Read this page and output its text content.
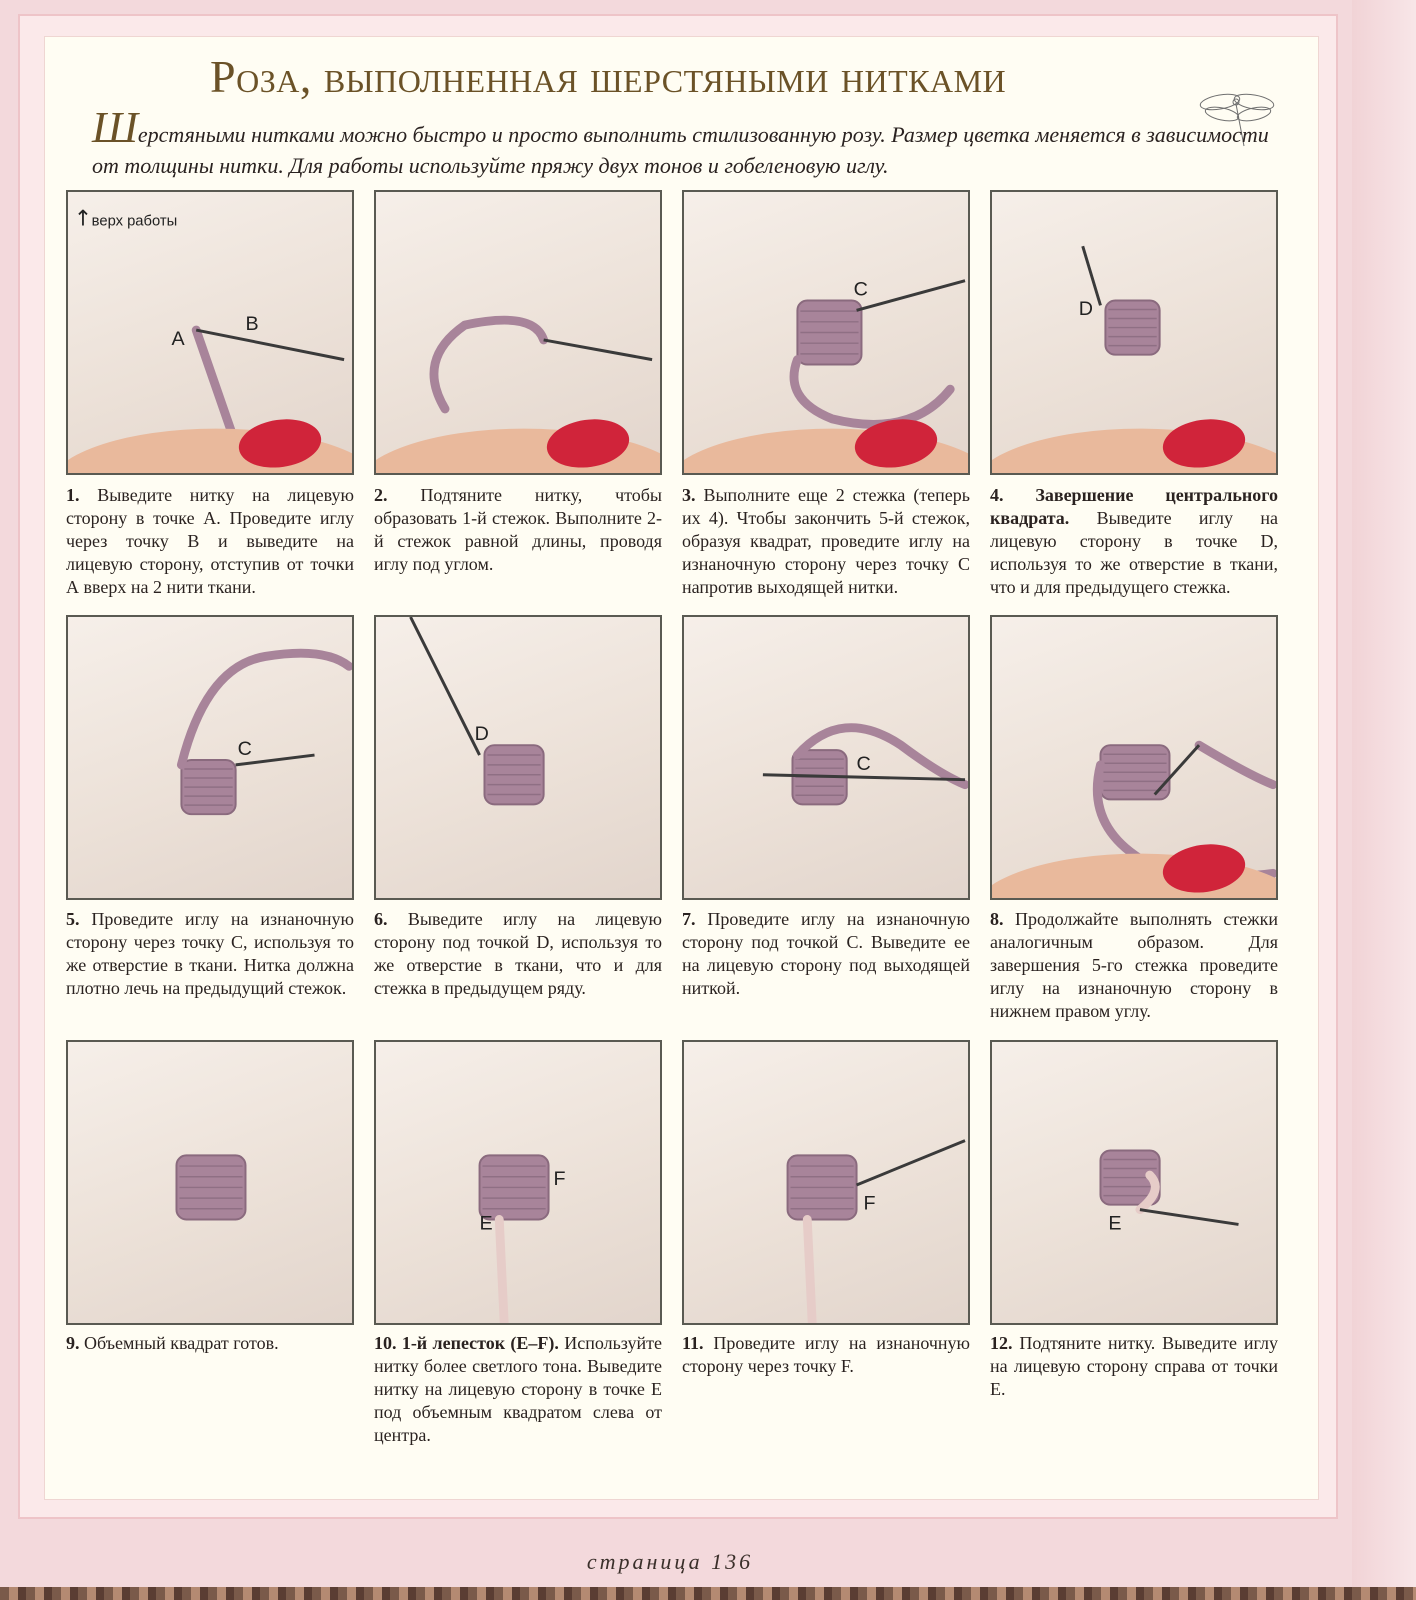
Роза, выполненная шерстяными нитками
Шерстяными нитками можно быстро и просто выполнить стилизованную розу. Размер цветка меняется в зависимости от толщины нитки. Для работы используйте пряжу двух тонов и гобеленовую иглу.
A
B
↑ верх работы
1. Выведите нитку на лицевую сторону в точке А. Проведите иглу через точку В и выведите на лицевую сторону, отступив от точки А вверх на 2 нити ткани.
2. Подтяните нитку, чтобы образовать 1-й стежок. Выполните 2-й стежок равной длины, проводя иглу под углом.
C
3. Выполните еще 2 стежка (теперь их 4). Чтобы закончить 5-й стежок, образуя квадрат, проведите иглу на изнаночную сторону через точку С напротив выходящей нитки.
D
4. Завершение центрального квадрата. Выведите иглу на лицевую сторону в точке D, используя то же отверстие в ткани, что и для предыдущего стежка.
C
5. Проведите иглу на изнаночную сторону через точку С, используя то же отверстие в ткани. Нитка должна плотно лечь на предыдущий стежок.
D
6. Выведите иглу на лицевую сторону под точкой D, используя то же отверстие в ткани, что и для стежка в предыдущем ряду.
C
7. Проведите иглу на изнаночную сторону под точкой С. Выведите ее на лицевую сторону под выходящей ниткой.
8. Продолжайте выполнять стежки аналогичным образом. Для завершения 5-го стежка проведите иглу на изнаночную сторону в нижнем правом углу.
9. Объемный квадрат готов.
F
E
10. 1-й лепесток (E–F). Используйте нитку более светлого тона. Выведите нитку на лицевую сторону в точке Е под объемным квадратом слева от центра.
F
11. Проведите иглу на изнаночную сторону через точку F.
E
12. Подтяните нитку. Выведите иглу на лицевую сторону справа от точки Е.
страница 136
